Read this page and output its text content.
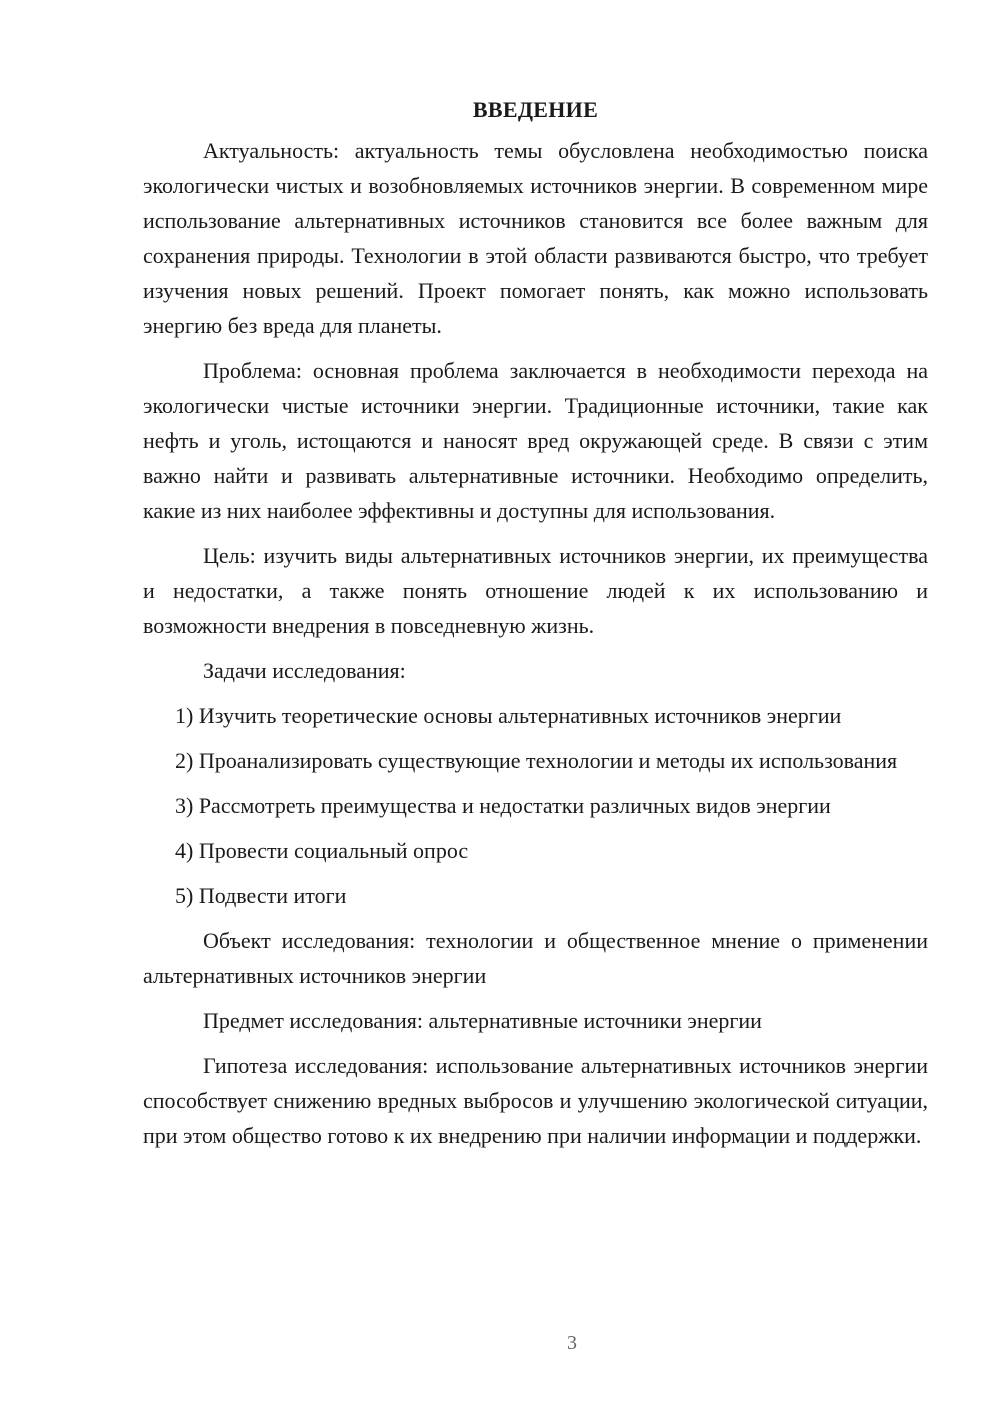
ВВЕДЕНИЕ

Актуальность: актуальность темы обусловлена необходимостью поиска экологически чистых и возобновляемых источников энергии. В современном мире использование альтернативных источников становится все более важным для сохранения природы. Технологии в этой области развиваются быстро, что требует изучения новых решений. Проект помогает понять, как можно использовать энергию без вреда для планеты.

Проблема: основная проблема заключается в необходимости перехода на экологически чистые источники энергии. Традиционные источники, такие как нефть и уголь, истощаются и наносят вред окружающей среде. В связи с этим важно найти и развивать альтернативные источники. Необходимо определить, какие из них наиболее эффективны и доступны для использования.

Цель: изучить виды альтернативных источников энергии, их преимущества и недостатки, а также понять отношение людей к их использованию и возможности внедрения в повседневную жизнь.

Задачи исследования:

1) Изучить теоретические основы альтернативных источников энергии

2) Проанализировать существующие технологии и методы их использования

3) Рассмотреть преимущества и недостатки различных видов энергии

4) Провести социальный опрос

5) Подвести итоги

Объект исследования: технологии и общественное мнение о применении альтернативных источников энергии

Предмет исследования: альтернативные источники энергии

Гипотеза исследования: использование альтернативных источников энергии способствует снижению вредных выбросов и улучшению экологической ситуации, при этом общество готово к их внедрению при наличии информации и поддержки.

3
